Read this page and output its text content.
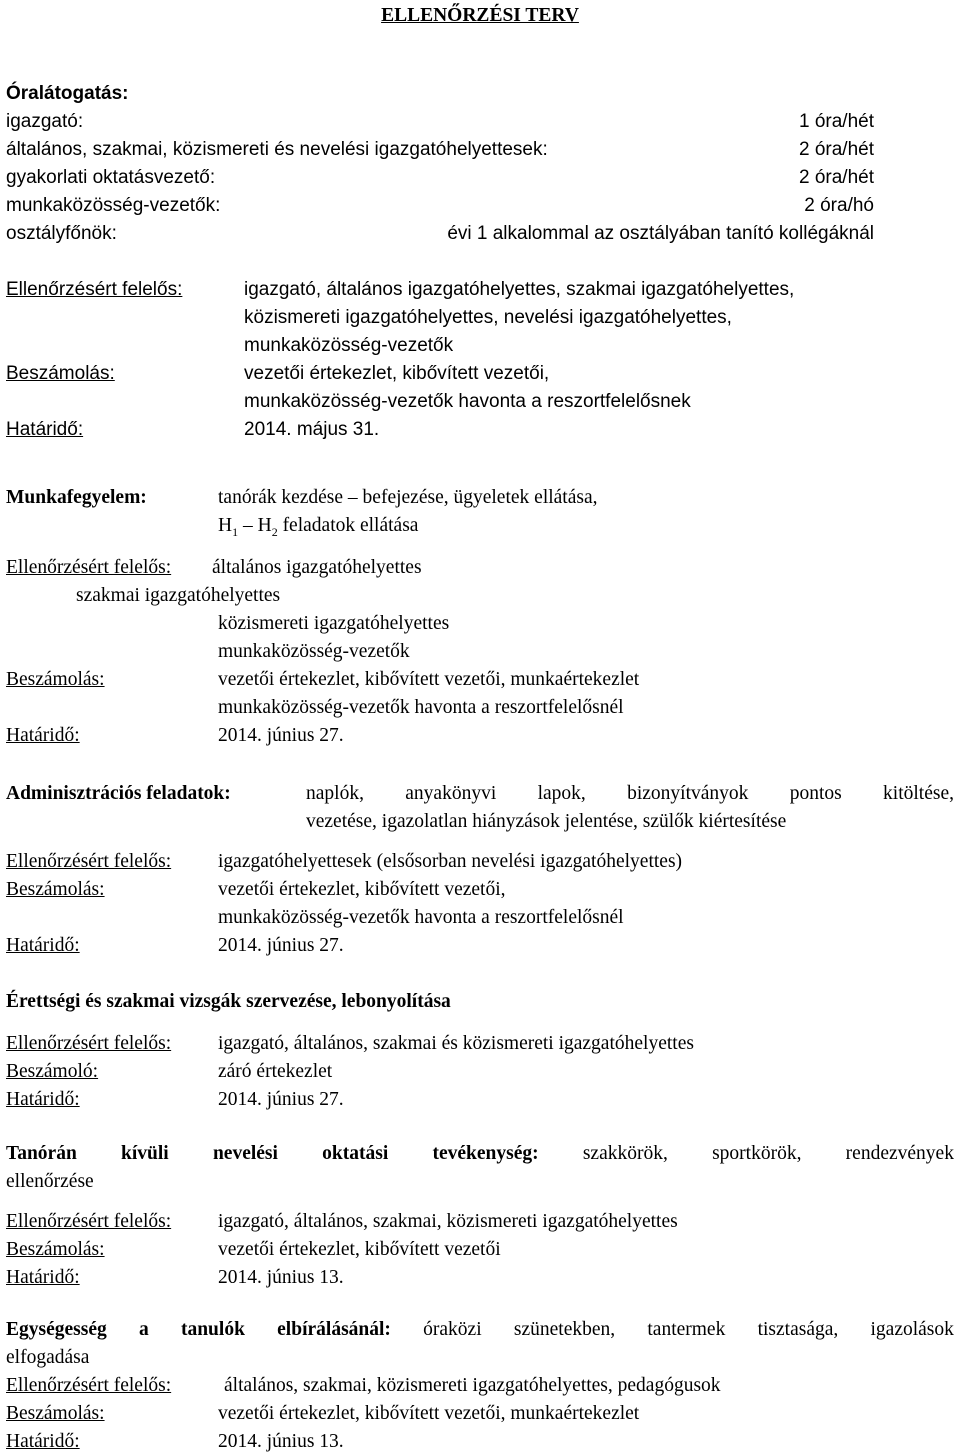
ELLENŐRZÉSI TERV
Óralátogatás:
igazgató:	1 óra/hét
általános, szakmai, közismereti és nevelési igazgatóhelyettesek:	2 óra/hét
gyakorlati oktatásvezető:	2 óra/hét
munkaközösség-vezetők:	2 óra/hó
osztályfőnök:	évi 1 alkalommal az osztályában tanító kollégáknál
Ellenőrzésért felelős:	igazgató, általános igazgatóhelyettes, szakmai igazgatóhelyettes,
közismereti igazgatóhelyettes, nevelési igazgatóhelyettes,
munkaközösség-vezetők
Beszámolás:	vezetői értekezlet, kibővített vezetői,
munkaközösség-vezetők havonta a reszortfelelősnek
Határidő:	2014. május 31.
Munkafegyelem:	tanórák kezdése – befejezése, ügyeletek ellátása,
$H_1 - H_2$ feladatok ellátása
Ellenőrzésért felelős: általános igazgatóhelyettes
szakmai igazgatóhelyettes
közismereti igazgatóhelyettes
munkaközösség-vezetők
Beszámolás:	vezetői értekezlet, kibővített vezetői, munkaértekezlet
munkaközösség-vezetők havonta a reszortfelelősnél
Határidő:	2014. június 27.
Adminisztrációs feladatok:	naplók, anyakönyvi lapok, bizonyítványok pontos kitöltése,
vezetése, igazolatlan hiányzások jelentése, szülők kiértesítése
Ellenőrzésért felelős: igazgatóhelyettesek (elsősorban nevelési igazgatóhelyettes)
Beszámolás:	vezetői értekezlet, kibővített vezetői,
munkaközösség-vezetők havonta a reszortfelelősnél
Határidő:	2014. június 27.
Érettségi és szakmai vizsgák szervezése, lebonyolítása
Ellenőrzésért felelős: igazgató, általános, szakmai és közismereti igazgatóhelyettes
Beszámoló:	záró értekezlet
Határidő:	2014. június 27.
Tanórán kívüli nevelési oktatási tevékenység: szakkörök, sportkörök, rendezvények
ellenőrzése
Ellenőrzésért felelős: igazgató, általános, szakmai, közismereti igazgatóhelyettes
Beszámolás:	vezetői értekezlet, kibővített vezetői
Határidő:	2014. június 13.
Egységesség a tanulók elbírálásánál: óraközi szünetekben, tantermek tisztasága, igazolások
elfogadása
Ellenőrzésért felelős:	általános, szakmai, közismereti igazgatóhelyettes, pedagógusok
Beszámolás:	vezetői értekezlet, kibővített vezetői, munkaértekezlet
Határidő:	2014. június 13.
